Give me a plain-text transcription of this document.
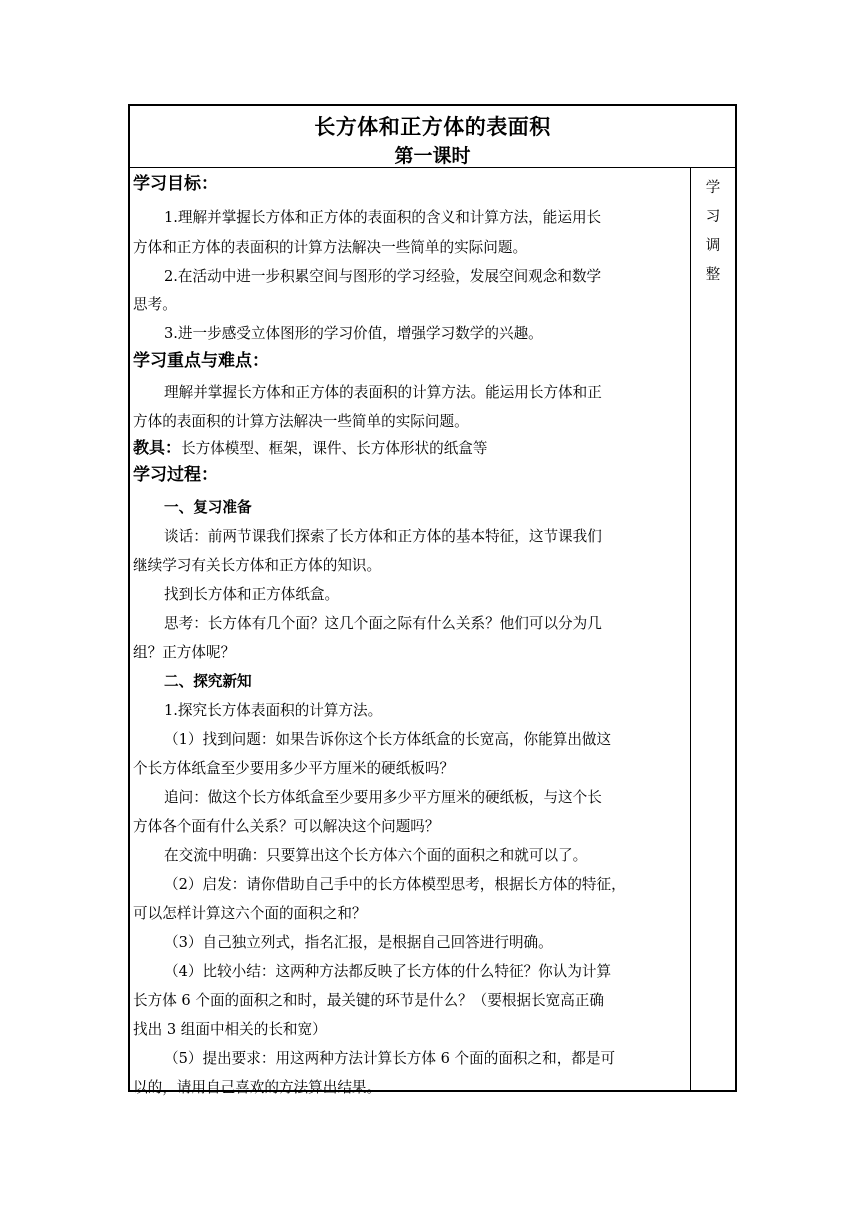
长方体和正方体的表面积
第一课时
学习调整
学习目标：
1.理解并掌握长方体和正方体的表面积的含义和计算方法，能运用长
方体和正方体的表面积的计算方法解决一些简单的实际问题。
2.在活动中进一步积累空间与图形的学习经验，发展空间观念和数学
思考。
3.进一步感受立体图形的学习价值，增强学习数学的兴趣。
学习重点与难点：
理解并掌握长方体和正方体的表面积的计算方法。能运用长方体和正
方体的表面积的计算方法解决一些简单的实际问题。
教具：长方体模型、框架，课件、长方体形状的纸盒等
学习过程：
一、复习准备
谈话：前两节课我们探索了长方体和正方体的基本特征，这节课我们
继续学习有关长方体和正方体的知识。
找到长方体和正方体纸盒。
思考：长方体有几个面？这几个面之际有什么关系？他们可以分为几
组？正方体呢？
二、探究新知
1.探究长方体表面积的计算方法。
（1）找到问题：如果告诉你这个长方体纸盒的长宽高，你能算出做这
个长方体纸盒至少要用多少平方厘米的硬纸板吗？
追问：做这个长方体纸盒至少要用多少平方厘米的硬纸板，与这个长
方体各个面有什么关系？可以解决这个问题吗？
在交流中明确：只要算出这个长方体六个面的面积之和就可以了。
（2）启发：请你借助自己手中的长方体模型思考，根据长方体的特征，
可以怎样计算这六个面的面积之和？
（3）自己独立列式，指名汇报，是根据自己回答进行明确。
（4）比较小结：这两种方法都反映了长方体的什么特征？你认为计算
长方体 6 个面的面积之和时，最关键的环节是什么？（要根据长宽高正确
找出 3 组面中相关的长和宽）
（5）提出要求：用这两种方法计算长方体 6 个面的面积之和，都是可
以的，请用自己喜欢的方法算出结果。
